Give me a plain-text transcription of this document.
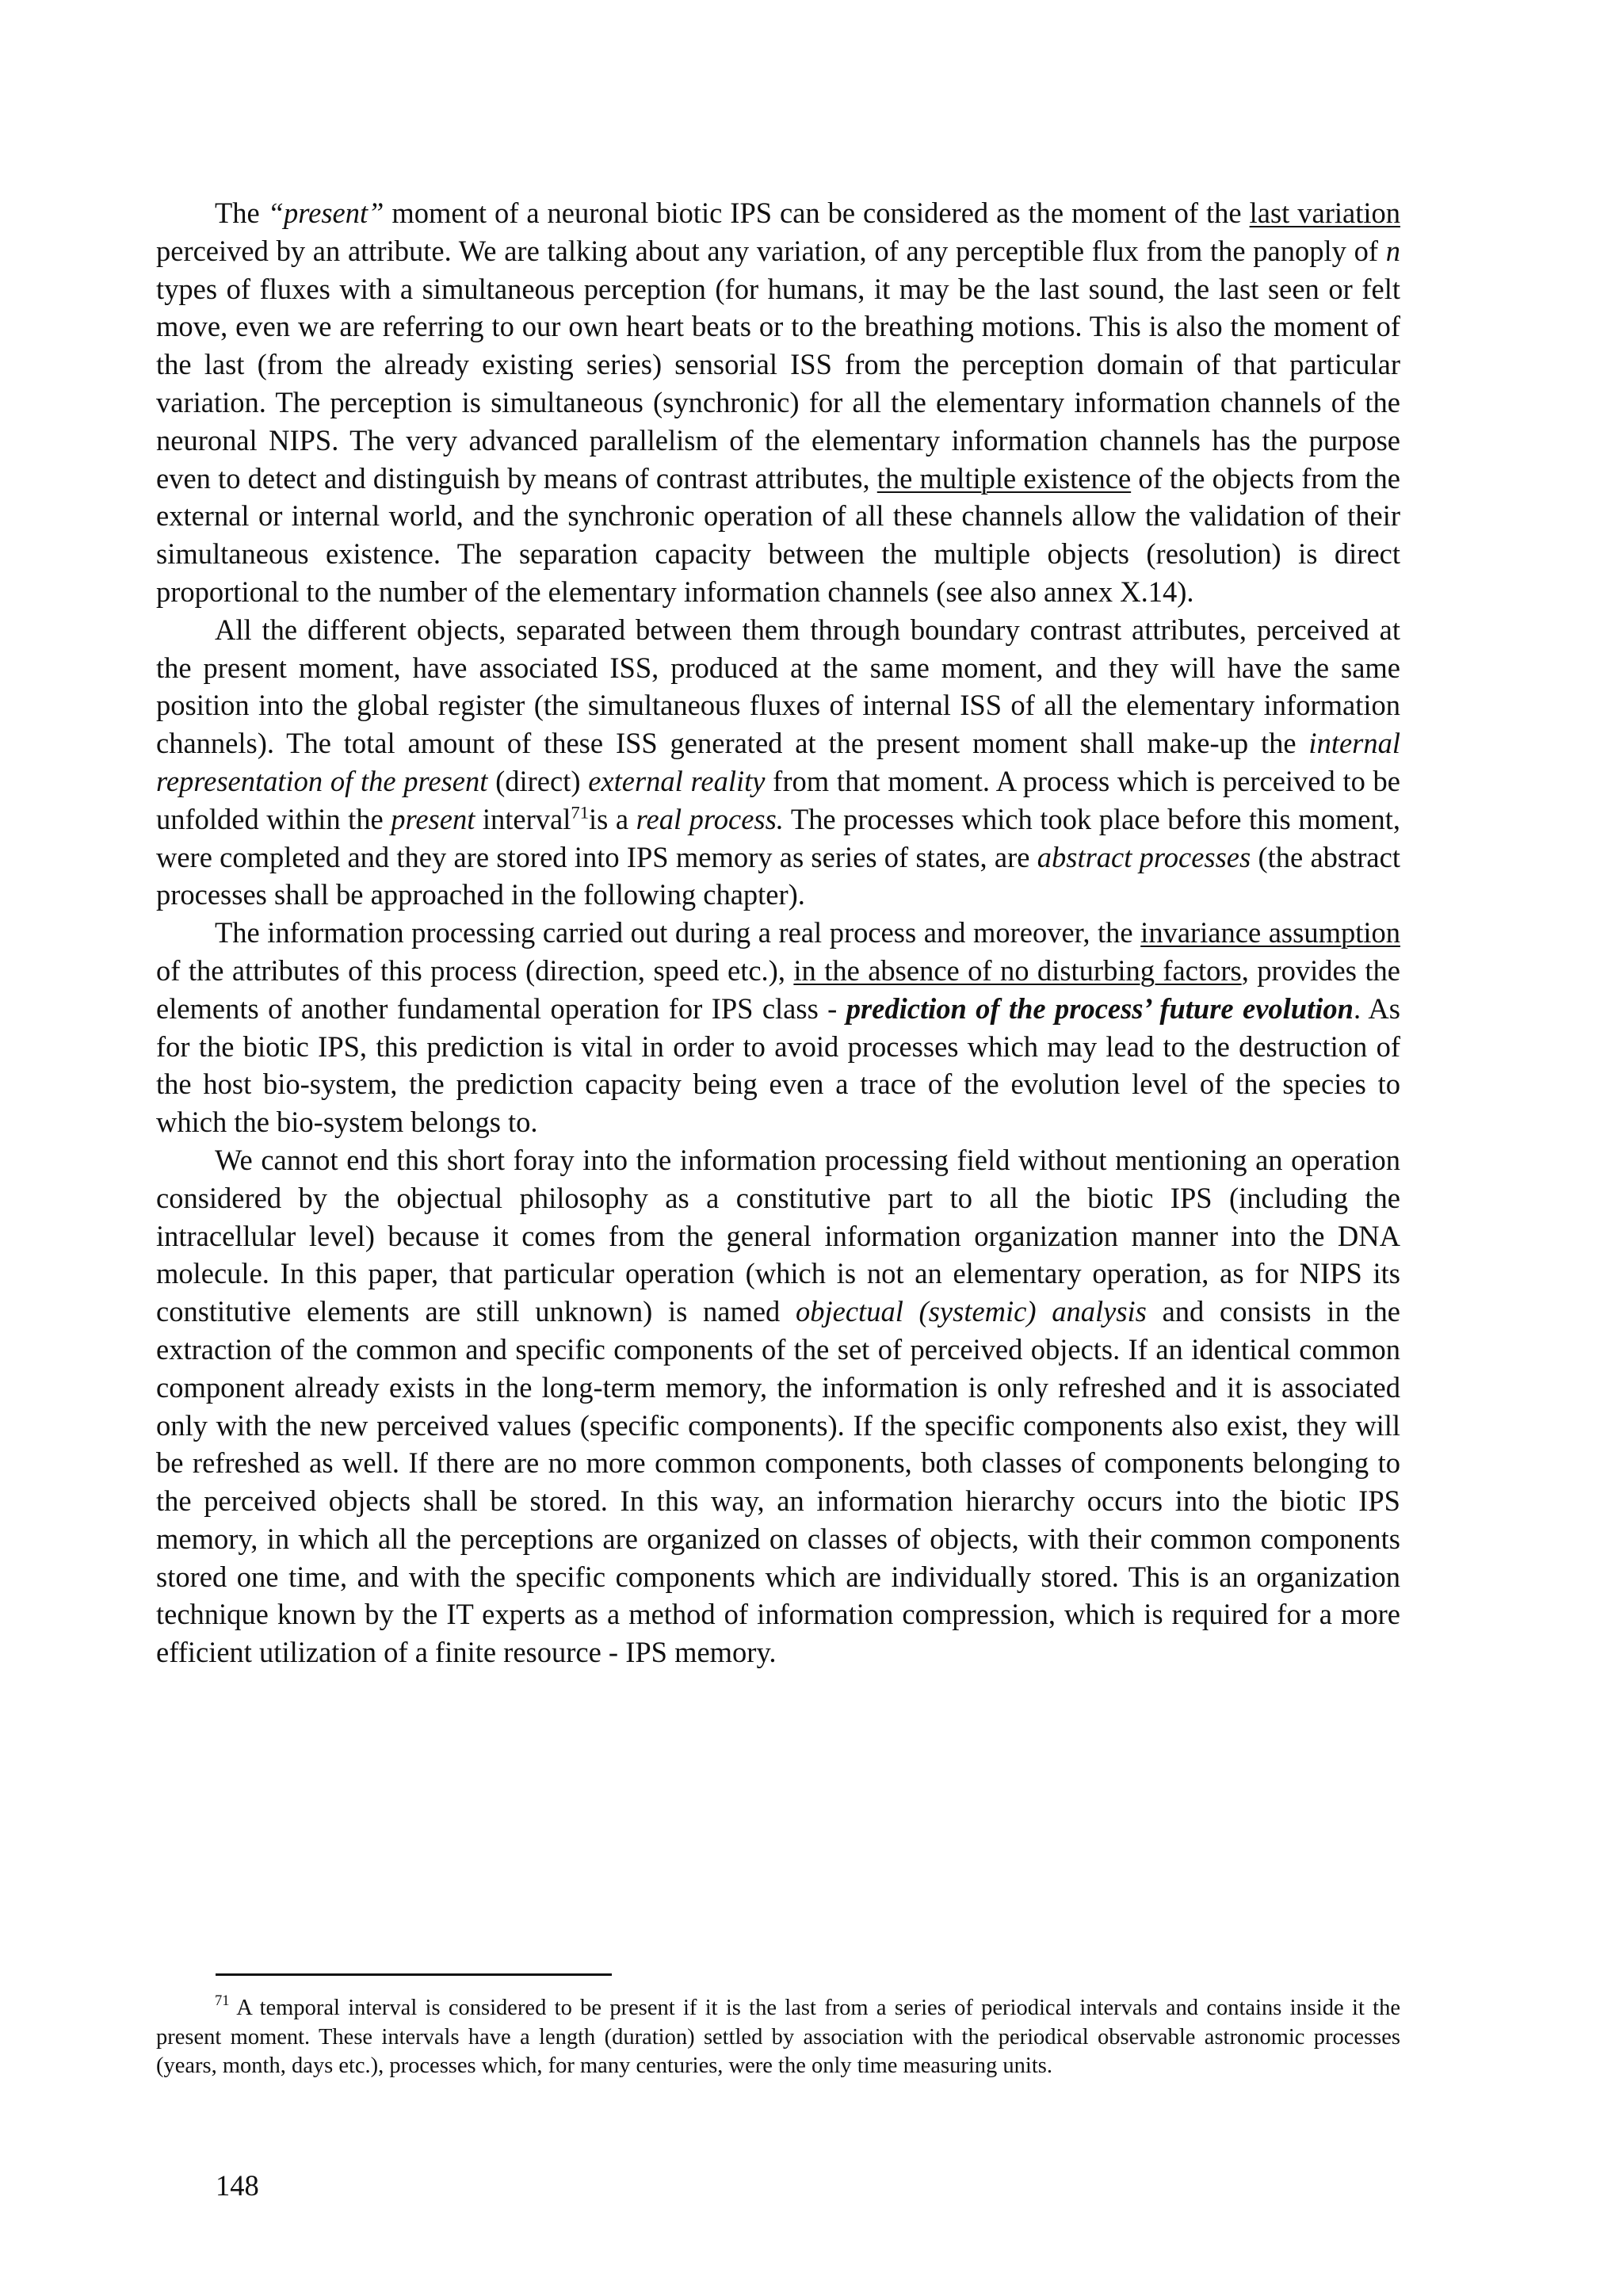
The “present” moment of a neuronal biotic IPS can be considered as the moment of the last variation perceived by an attribute. We are talking about any variation, of any perceptible flux from the panoply of n types of fluxes with a simultaneous perception (for humans, it may be the last sound, the last seen or felt move, even we are referring to our own heart beats or to the breathing motions. This is also the moment of the last (from the already existing series) sensorial ISS from the perception domain of that particular variation. The perception is simultaneous (synchronic) for all the elementary information channels of the neuronal NIPS. The very advanced parallelism of the elementary information channels has the purpose even to detect and distinguish by means of contrast attributes, the multiple existence of the objects from the external or internal world, and the synchronic operation of all these channels allow the validation of their simultaneous existence. The separation capacity between the multiple objects (resolution) is direct proportional to the number of the elementary information channels (see also annex X.14).

All the different objects, separated between them through boundary contrast attributes, perceived at the present moment, have associated ISS, produced at the same moment, and they will have the same position into the global register (the simultaneous fluxes of internal ISS of all the elementary information channels). The total amount of these ISS generated at the present moment shall make-up the internal representation of the present (direct) external reality from that moment. A process which is perceived to be unfolded within the present interval$^{71}$is a real process. The processes which took place before this moment, were completed and they are stored into IPS memory as series of states, are abstract processes (the abstract processes shall be approached in the following chapter).

The information processing carried out during a real process and moreover, the invariance assumption of the attributes of this process (direction, speed etc.), in the absence of no disturbing factors, provides the elements of another fundamental operation for IPS class - prediction of the process’ future evolution. As for the biotic IPS, this prediction is vital in order to avoid processes which may lead to the destruction of the host bio-system, the prediction capacity being even a trace of the evolution level of the species to which the bio-system belongs to.

We cannot end this short foray into the information processing field without mentioning an operation considered by the objectual philosophy as a constitutive part to all the biotic IPS (including the intracellular level) because it comes from the general information organization manner into the DNA molecule. In this paper, that particular operation (which is not an elementary operation, as for NIPS its constitutive elements are still unknown) is named objectual (systemic) analysis and consists in the extraction of the common and specific components of the set of perceived objects. If an identical common component already exists in the long-term memory, the information is only refreshed and it is associated only with the new perceived values (specific components). If the specific components also exist, they will be refreshed as well. If there are no more common components, both classes of components belonging to the perceived objects shall be stored. In this way, an information hierarchy occurs into the biotic IPS memory, in which all the perceptions are organized on classes of objects, with their common components stored one time, and with the specific components which are individually stored. This is an organization technique known by the IT experts as a method of information compression, which is required for a more efficient utilization of a finite resource - IPS memory.

$^{71}$ A temporal interval is considered to be present if it is the last from a series of periodical intervals and contains inside it the present moment. These intervals have a length (duration) settled by association with the periodical observable astronomic processes (years, month, days etc.), processes which, for many centuries, were the only time measuring units.

148
